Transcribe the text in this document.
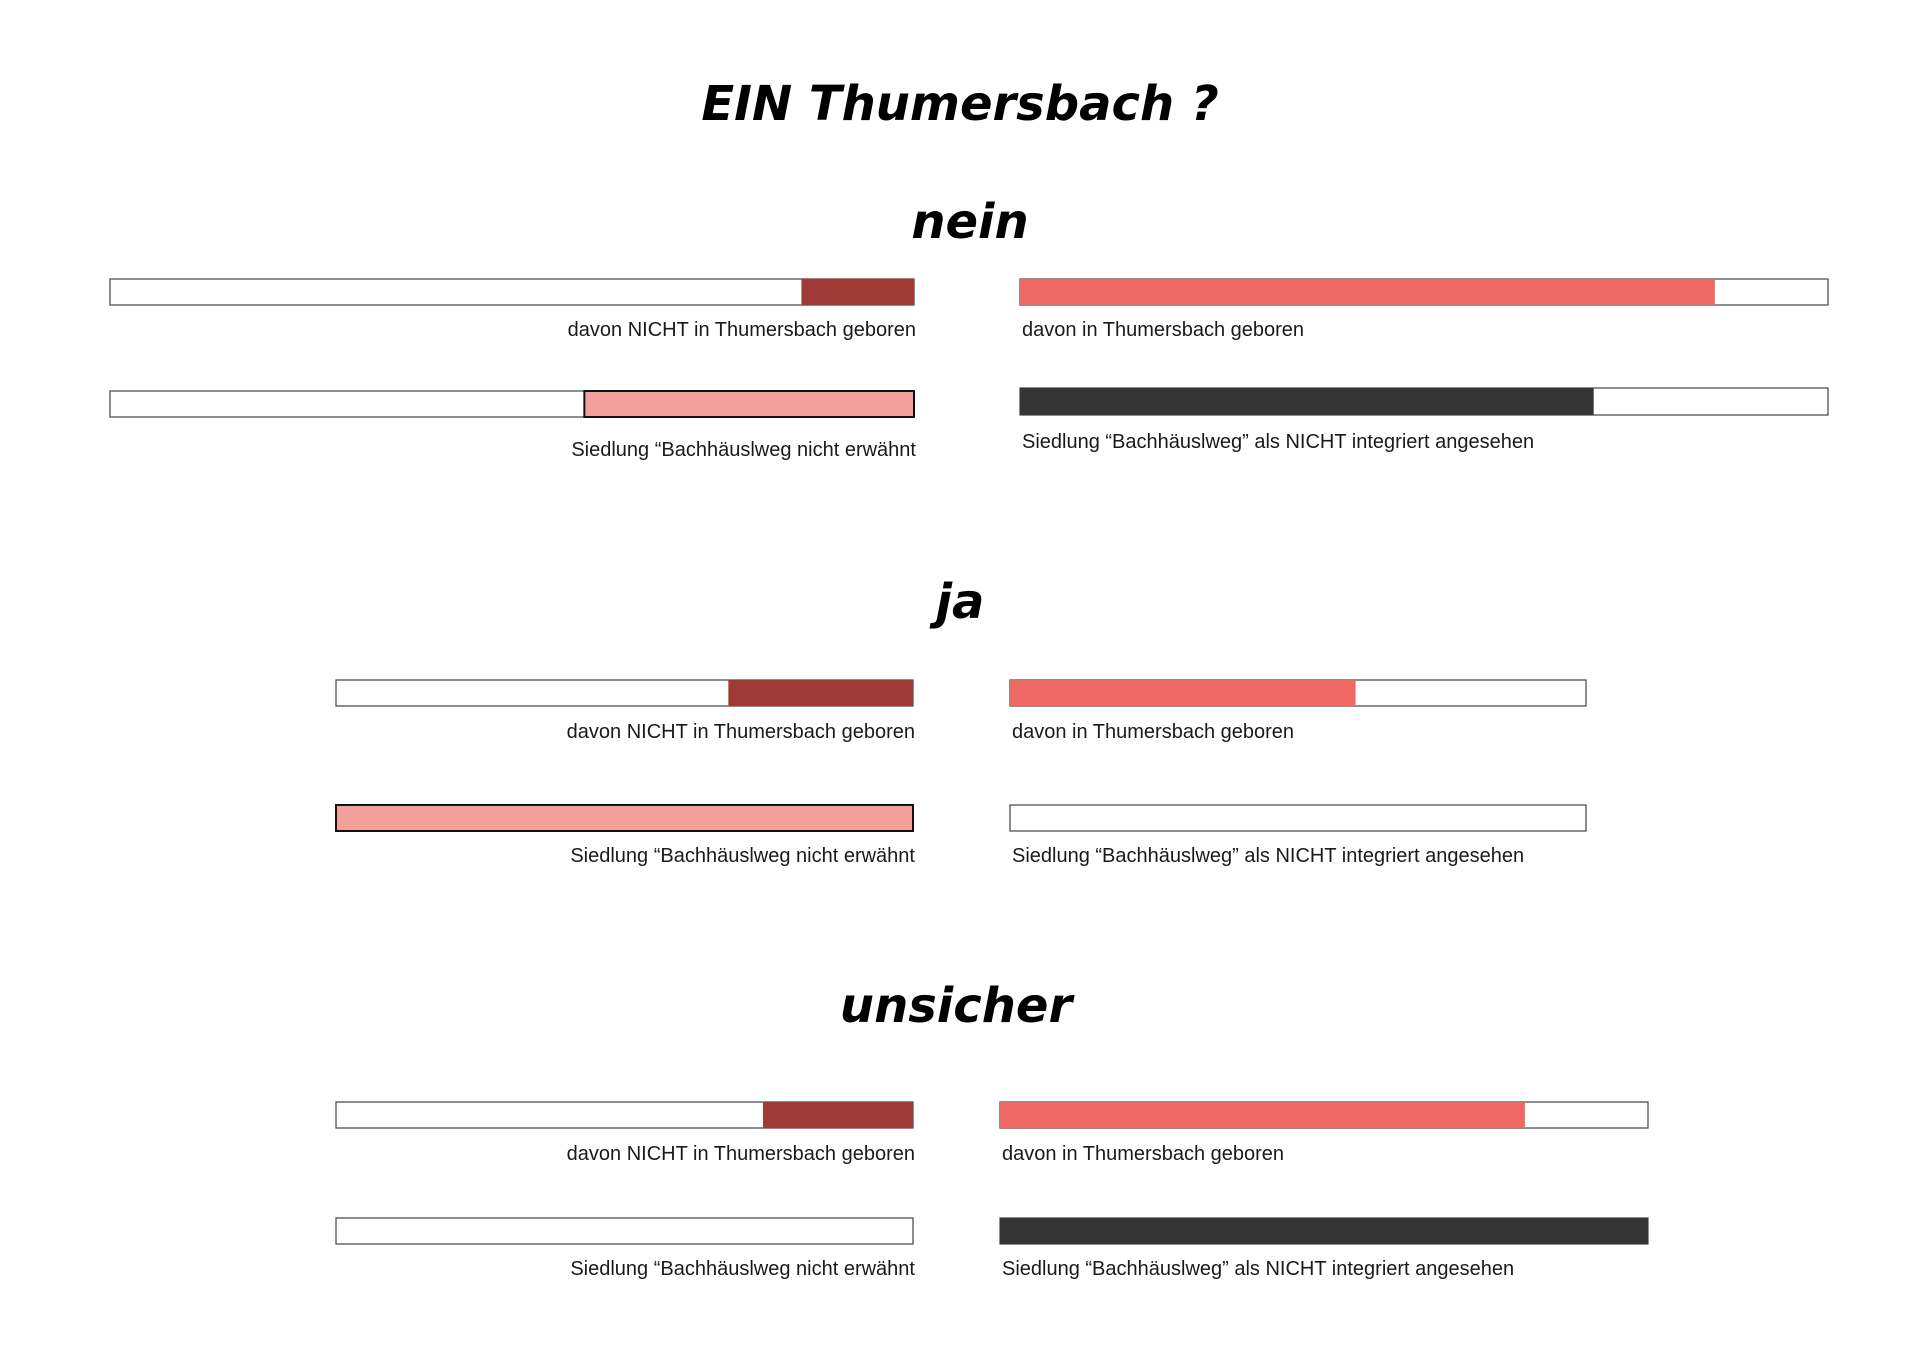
EIN Thumersbach ?
davon NICHT in Thumersbach geboren	davon in Thumersbach geboren
Siedlung “Bachhäuslweg nicht erwähnt	Siedlung “Bachhäuslweg” als NICHT integriert angesehen
davon NICHT in Thumersbach geboren	davon in Thumersbach geboren
Siedlung “Bachhäuslweg nicht erwähnt	Siedlung “Bachhäuslweg” als NICHT integriert angesehen
davon NICHT in Thumersbach geboren	davon in Thumersbach geboren
Siedlung “Bachhäuslweg nicht erwähnt	Siedlung “Bachhäuslweg” als NICHT integriert angesehen
nein
ja
unsicher
